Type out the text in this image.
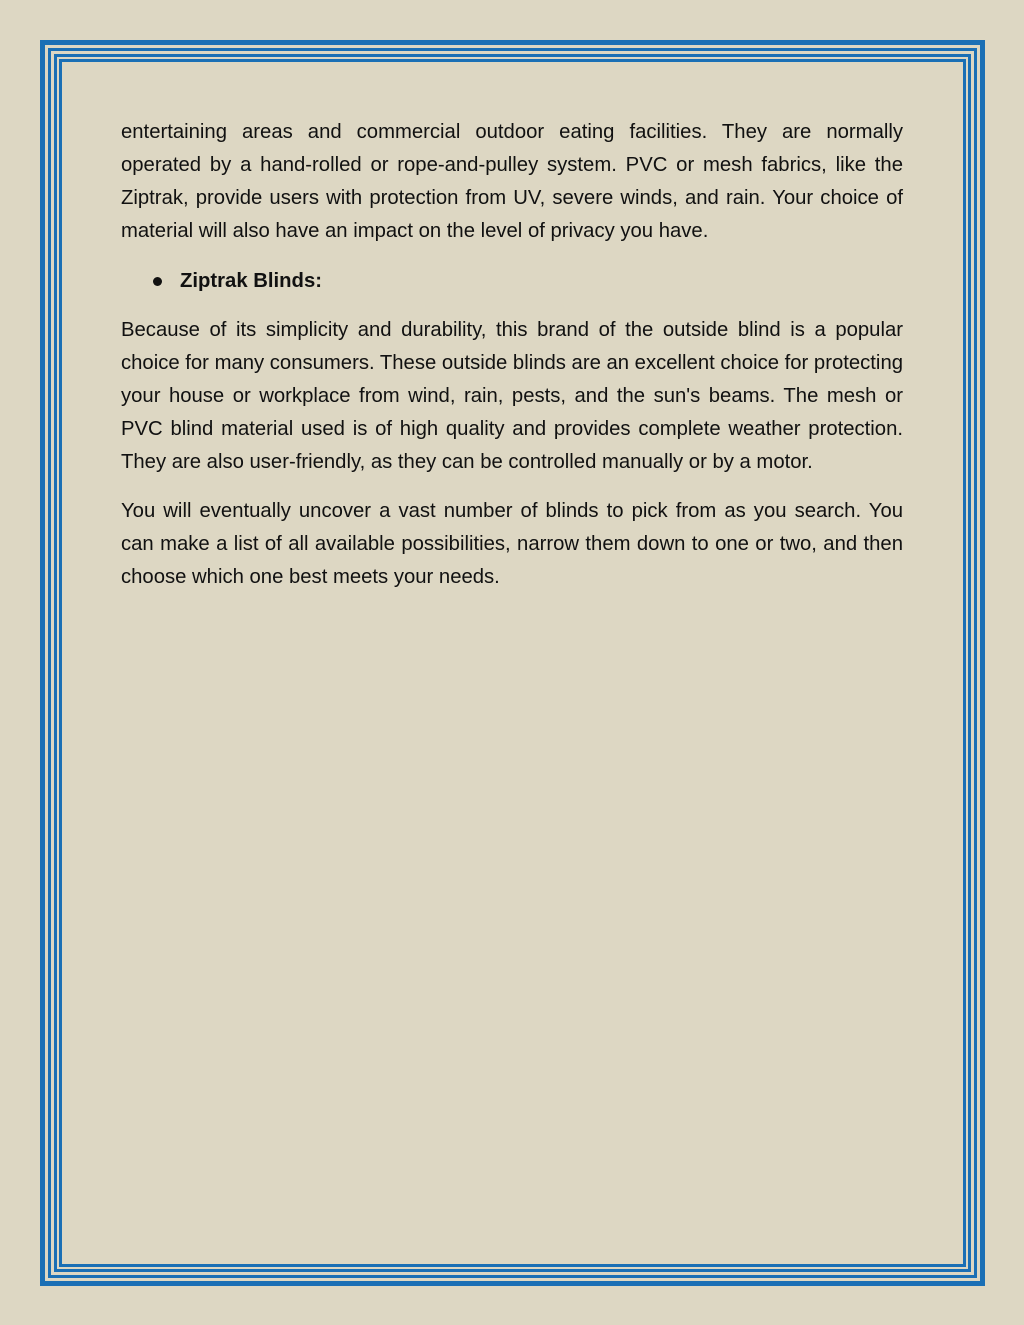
entertaining areas and commercial outdoor eating facilities. They are normally operated by a hand-rolled or rope-and-pulley system. PVC or mesh fabrics, like the Ziptrak, provide users with protection from UV, severe winds, and rain. Your choice of material will also have an impact on the level of privacy you have.

Ziptrak Blinds:

Because of its simplicity and durability, this brand of the outside blind is a popular choice for many consumers. These outside blinds are an excellent choice for protecting your house or workplace from wind, rain, pests, and the sun's beams. The mesh or PVC blind material used is of high quality and provides complete weather protection. They are also user-friendly, as they can be controlled manually or by a motor.

You will eventually uncover a vast number of blinds to pick from as you search. You can make a list of all available possibilities, narrow them down to one or two, and then choose which one best meets your needs.
